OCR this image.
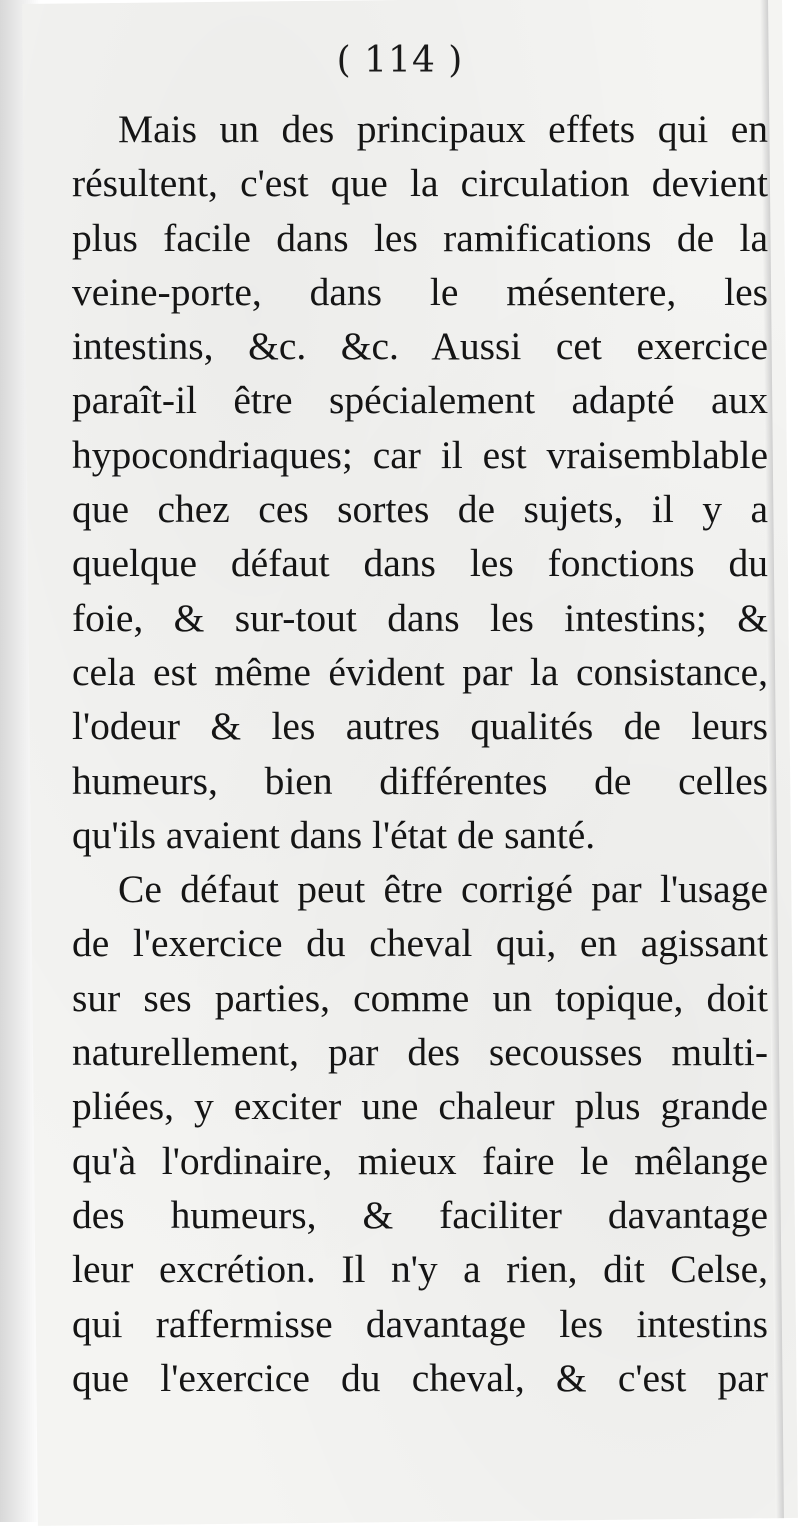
( 114 )
Mais un des principaux effets qui en
résultent, c'est que la circulation devient
plus facile dans les ramifications de la
veine-porte, dans le mésentere, les
intestins, &c. &c. Aussi cet exercice
paraît-il être spécialement adapté aux
hypocondriaques; car il est vraisemblable
que chez ces sortes de sujets, il y a
quelque défaut dans les fonctions du
foie, & sur-tout dans les intestins; &
cela est même évident par la consistance,
l'odeur & les autres qualités de leurs
humeurs, bien différentes de celles
qu'ils avaient dans l'état de santé.
Ce défaut peut être corrigé par l'usage
de l'exercice du cheval qui, en agissant
sur ses parties, comme un topique, doit
naturellement, par des secousses multi-
pliées, y exciter une chaleur plus grande
qu'à l'ordinaire, mieux faire le mêlange
des humeurs, & faciliter davantage
leur excrétion. Il n'y a rien, dit Celse,
qui raffermisse davantage les intestins
que l'exercice du cheval, & c'est par
